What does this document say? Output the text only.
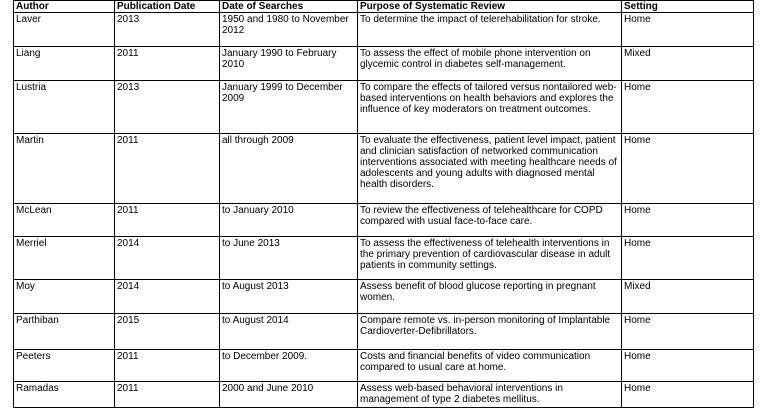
Author	Publication Date	Date of Searches	Purpose of Systematic Review	Setting
Laver	2013	1950 and 1980 to November 2012	To determine the impact of telerehabilitation for stroke.	Home
Liang	2011	January 1990 to February 2010	To assess the effect of mobile phone intervention on glycemic control in diabetes self-management.	Mixed
Lustria	2013	January 1999 to December 2009	To compare the effects of tailored versus nontailored web-based interventions on health behaviors and explores the influence of key moderators on treatment outcomes.	Home
Martin	2011	all through 2009	To evaluate the effectiveness, patient level impact, patient and clinician satisfaction of networked communication interventions associated with meeting healthcare needs of adolescents and young adults with diagnosed mental health disorders.	Home
McLean	2011	to January 2010	To review the effectiveness of telehealthcare for COPD compared with usual face-to-face care.	Home
Merriel	2014	to June 2013	To assess the effectiveness of telehealth interventions in the primary prevention of cardiovascular disease in adult patients in community settings.	Home
Moy	2014	to August 2013	Assess benefit of blood glucose reporting in pregnant women.	Mixed
Parthiban	2015	to August 2014	Compare remote vs. in-person monitoring of Implantable Cardioverter-Defibrillators.	Home
Peeters	2011	to December 2009.	Costs and financial benefits of video communication compared to usual care at home.	Home
Ramadas	2011	2000 and June 2010	Assess web-based behavioral interventions in management of type 2 diabetes mellitus.	Home
